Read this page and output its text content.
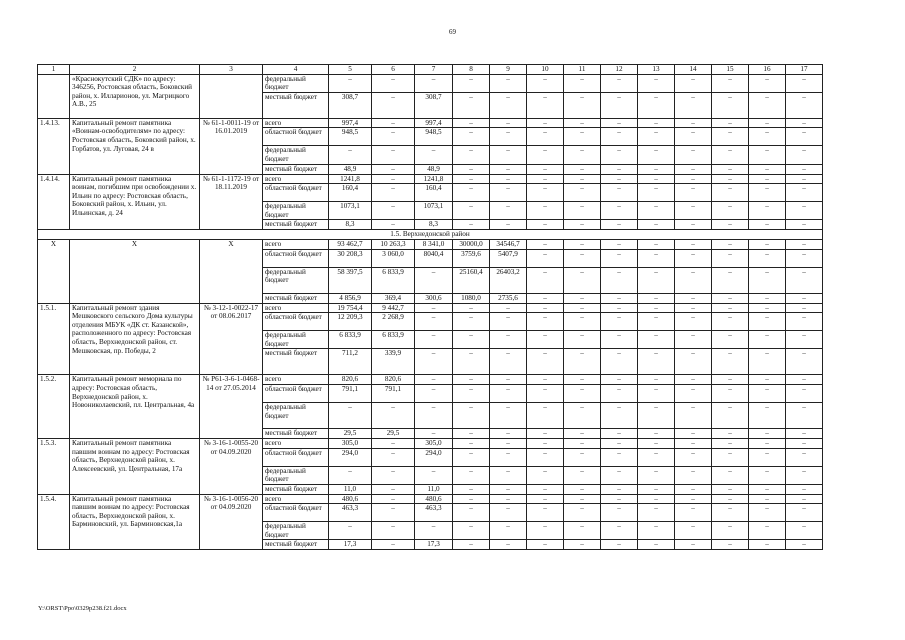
69
1	2	3	4	5	6	7	8	9	10	11	12	13	14	15	16	17
	«Краснокутский СДК» по адресу: 346256, Ростовская область, Боковский район, х. Илларионов, ул. Магрицкого А.В., 25		федеральный бюджет	–	–	–	–	–	–	–	–	–	–	–	–	–
			местный бюджет	308,7	–	308,7	–	–	–	–	–	–	–	–	–	–
1.4.13.	Капитальный ремонт памятника «Воинам-освободителям» по адресу: Ростовская область, Боковский район, х. Горбатов, ул. Луговая, 24 в	№ 61-1-0011-19 от 16.01.2019	всего	997,4	–	997,4	–	–	–	–	–	–	–	–	–	–
			областной бюджет	948,5	–	948,5	–	–	–	–	–	–	–	–	–	–
			федеральный бюджет	–	–	–	–	–	–	–	–	–	–	–	–	–
			местный бюджет	48,9	–	48,9	–	–	–	–	–	–	–	–	–	–
1.4.14.	Капитальный ремонт памятника воинам, погибшим при освобождении х. Ильин по адресу: Ростовская область, Боковский район, х. Ильин, ул. Ильинская, д. 24	№ 61-1-1172-19 от 18.11.2019	всего	1241,8	–	1241,8	–	–	–	–	–	–	–	–	–	–
			областной бюджет	160,4	–	160,4	–	–	–	–	–	–	–	–	–	–
			федеральный бюджет	1073,1	–	1073,1	–	–	–	–	–	–	–	–	–	–
			местный бюджет	8,3	–	8,3	–	–	–	–	–	–	–	–	–	–
1.5. Верхнедонской район																
Х	Х	Х	всего	93 462,7	10 263,3	8 341,0	30000,0	34546,7	–	–	–	–	–	–	–	–
			областной бюджет	30 208,3	3 060,0	8040,4	3759,6	5407,9	–	–	–	–	–	–	–	–
			федеральный бюджет	58 397,5	6 833,9	–	25160,4	26403,2	–	–	–	–	–	–	–	–
			местный бюджет	4 856,9	369,4	300,6	1080,0	2735,6	–	–	–	–	–	–	–	–
1.5.1.	Капитальный ремонт здания Мешковского сельского Дома культуры отделения МБУК «ДК ст. Казанской», расположенного по адресу: Ростовская область, Верхнедонской район, ст. Мешковская, пр. Победы, 2	№ 3-12-1-0022-17 от 08.06.2017	всего	19 754,4	9 442,7	–	–	–	–	–	–	–	–	–	–	–
			областной бюджет	12 209,3	2 268,9	–	–	–	–	–	–	–	–	–	–	–
			федеральный бюджет	6 833,9	6 833,9	–	–	–	–	–	–	–	–	–	–	–
			местный бюджет	711,2	339,9	–	–	–	–	–	–	–	–	–	–	–
1.5.2.	Капитальный ремонт мемориала по адресу: Ростовская область, Верхнедонской район, х. Новониколаевский, пл. Центральная, 4а	№ Р61-3-6-1-0468-14 от 27.05.2014	всего	820,6	820,6	–	–	–	–	–	–	–	–	–	–	–
			областной бюджет	791,1	791,1	–	–	–	–	–	–	–	–	–	–	–
			федеральный бюджет	–	–	–	–	–	–	–	–	–	–	–	–	–
			местный бюджет	29,5	29,5	–	–	–	–	–	–	–	–	–	–	–
1.5.3.	Капитальный ремонт памятника павшим воинам по адресу: Ростовская область, Верхнедонской район, х. Алексеевский, ул. Центральная, 17а	№ 3-16-1-0055-20 от 04.09.2020	всего	305,0	–	305,0	–	–	–	–	–	–	–	–	–	–
			областной бюджет	294,0	–	294,0	–	–	–	–	–	–	–	–	–	–
			федеральный бюджет	–	–	–	–	–	–	–	–	–	–	–	–	–
			местный бюджет	11,0	–	11,0	–	–	–	–	–	–	–	–	–	–
1.5.4.	Капитальный ремонт памятника павшим воинам по адресу: Ростовская область, Верхнедонской район, х. Барминовский, ул. Барминовская,1а	№ 3-16-1-0056-20 от 04.09.2020	всего	480,6	–	480,6	–	–	–	–	–	–	–	–	–	–
			областной бюджет	463,3	–	463,3	–	–	–	–	–	–	–	–	–	–
			федеральный бюджет	–	–	–	–	–	–	–	–	–	–	–	–	–
			местный бюджет	17,3	–	17,3	–	–	–	–	–	–	–	–	–	–
Y:\ORST\Ppo\0329p238.f21.docx
